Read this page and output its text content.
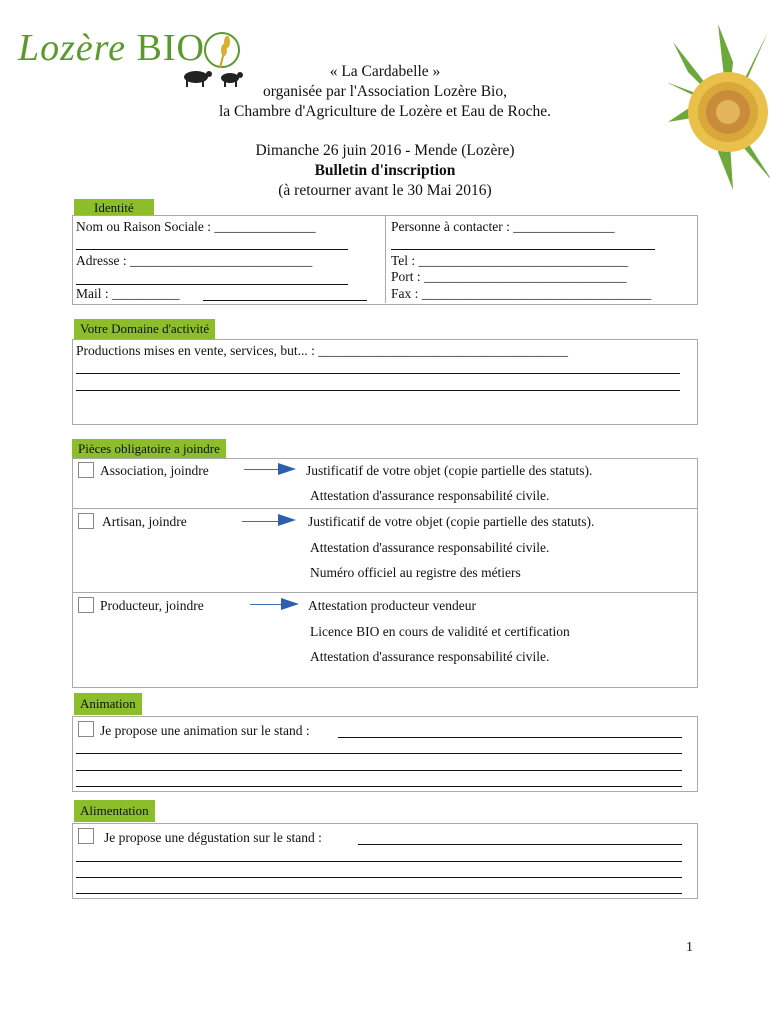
Lozère BIO
« La Cardabelle »
organisée par l'Association Lozère Bio,
la Chambre d'Agriculture de Lozère et Eau de Roche.
Dimanche 26 juin 2016 - Mende (Lozère)
Bulletin d'inscription
(à retourner avant le 30 Mai 2016)
Identité
Nom ou Raison Sociale : _______________
Adresse : ___________________________
Mail : __________
Personne à contacter : _______________
Tel : _______________________________
Port : ______________________________
Fax : __________________________________
Votre Domaine d'activité
Productions mises en vente, services, but... : _____________________________________
Pièces obligatoire a joindre
Association, joindre	Justificatif de votre objet (copie partielle des statuts).
Attestation d'assurance responsabilité civile.
Artisan, joindre	Justificatif de votre objet (copie partielle des statuts).
Attestation d'assurance responsabilité civile.
Numéro officiel au registre des métiers
Producteur, joindre	Attestation producteur vendeur
Licence BIO en cours de validité et certification
Attestation d'assurance responsabilité civile.
Animation
Je propose une animation sur le stand :
Alimentation
Je propose une dégustation sur le stand :
1
